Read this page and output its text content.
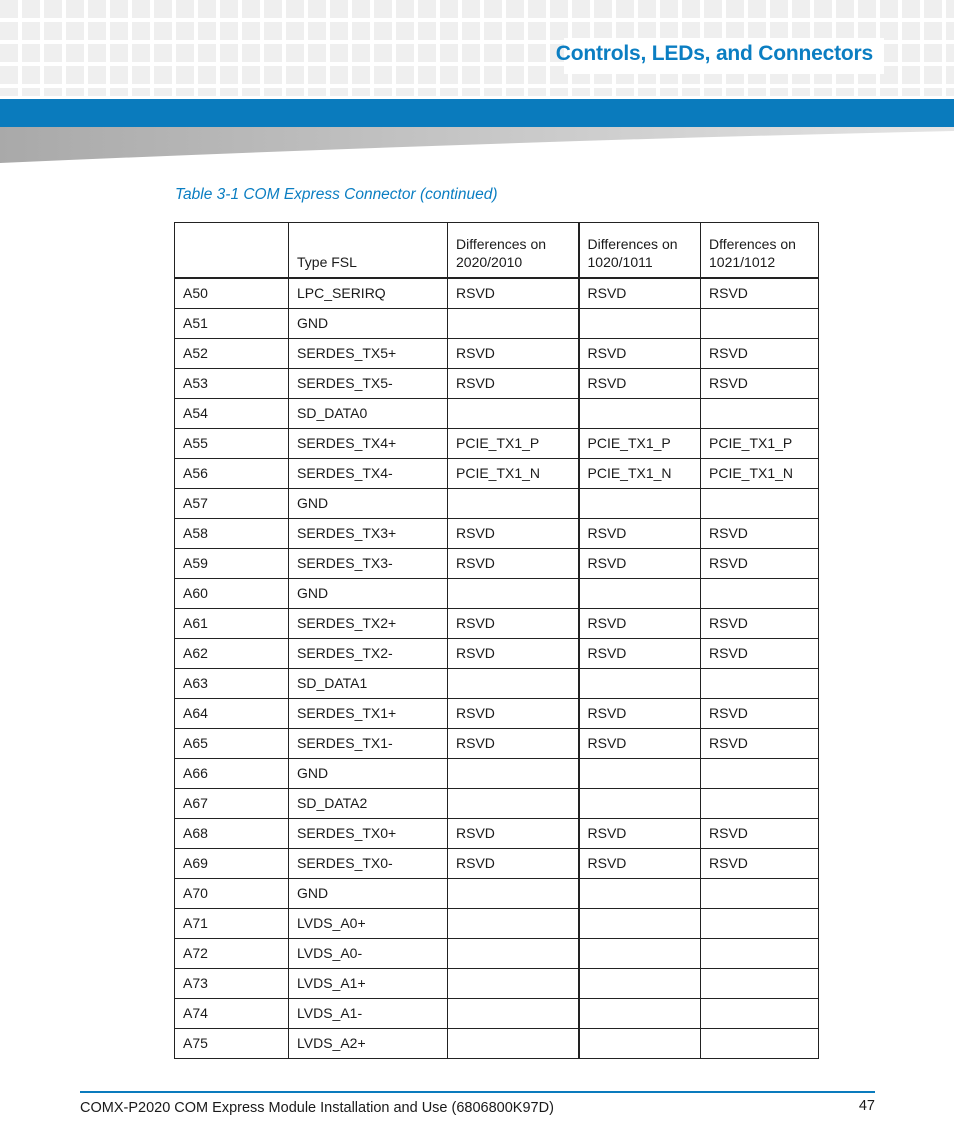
Controls, LEDs, and Connectors
Table 3-1 COM Express Connector (continued)
	Type FSL	Differences on 2020/2010	Differences on 1020/1011	Dfferences on 1021/1012
A50	LPC_SERIRQ	RSVD	RSVD	RSVD
A51	GND			
A52	SERDES_TX5+	RSVD	RSVD	RSVD
A53	SERDES_TX5-	RSVD	RSVD	RSVD
A54	SD_DATA0			
A55	SERDES_TX4+	PCIE_TX1_P	PCIE_TX1_P	PCIE_TX1_P
A56	SERDES_TX4-	PCIE_TX1_N	PCIE_TX1_N	PCIE_TX1_N
A57	GND			
A58	SERDES_TX3+	RSVD	RSVD	RSVD
A59	SERDES_TX3-	RSVD	RSVD	RSVD
A60	GND			
A61	SERDES_TX2+	RSVD	RSVD	RSVD
A62	SERDES_TX2-	RSVD	RSVD	RSVD
A63	SD_DATA1			
A64	SERDES_TX1+	RSVD	RSVD	RSVD
A65	SERDES_TX1-	RSVD	RSVD	RSVD
A66	GND			
A67	SD_DATA2			
A68	SERDES_TX0+	RSVD	RSVD	RSVD
A69	SERDES_TX0-	RSVD	RSVD	RSVD
A70	GND			
A71	LVDS_A0+			
A72	LVDS_A0-			
A73	LVDS_A1+			
A74	LVDS_A1-			
A75	LVDS_A2+			
COMX-P2020 COM Express Module Installation and Use (6806800K97D)	47
